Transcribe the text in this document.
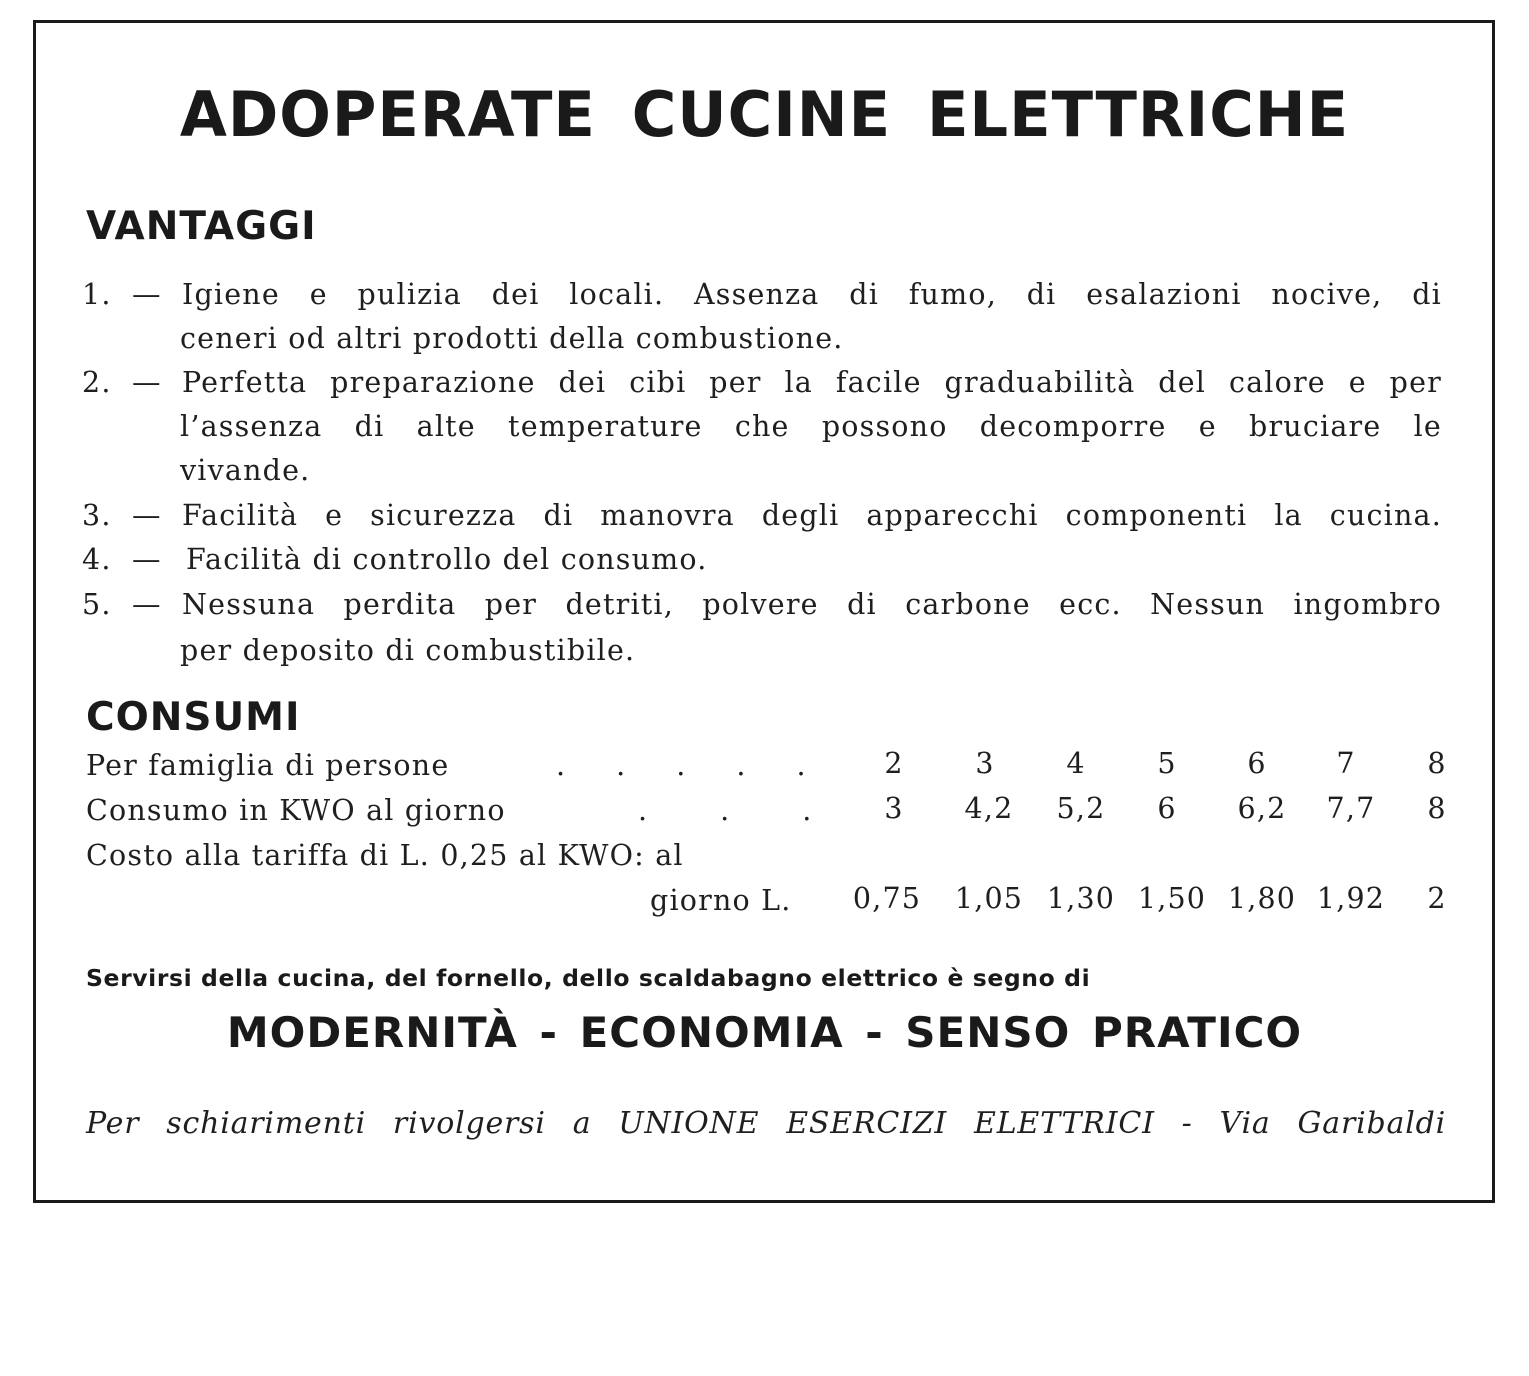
ADOPERATE CUCINE ELETTRICHE
VANTAGGI
1. — Igiene e pulizia dei locali. Assenza di fumo, di esalazioni nocive, di
ceneri od altri prodotti della combustione.
2. — Perfetta preparazione dei cibi per la facile graduabilità del calore e per
l’assenza di alte temperature che possono decomporre e bruciare le
vivande.
3. — Facilità e sicurezza di manovra degli apparecchi componenti la cucina.
4. — Facilità di controllo del consumo.
5. — Nessuna perdita per detriti, polvere di carbone ecc. Nessun ingombro
per deposito di combustibile.
CONSUMI
Per famiglia di persone	. . . . .	2	3	4	5	6	7	8
Consumo in KWO al giorno	. . .	3	4,2	5,2	6	6,2	7,7	8
Costo alla tariffa di L. 0,25 al KWO: al
giorno L.	0,75	1,05 1,30 1,50 1,80 1,92	2
Servirsi della cucina, del fornello, dello scaldabagno elettrico è segno di
MODERNITÀ - ECONOMIA - SENSO PRATICO
Per schiarimenti rivolgersi a UNIONE ESERCIZI ELETTRICI - Via Garibaldi
